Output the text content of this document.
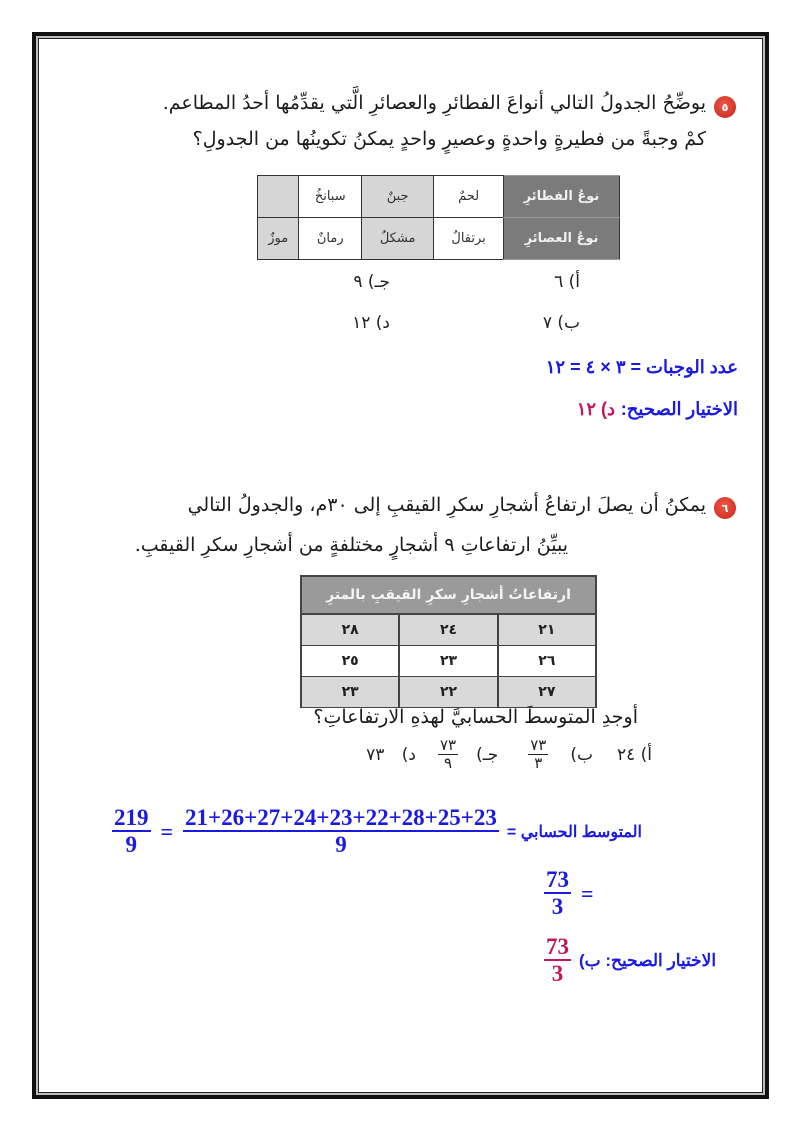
٥
يوضِّحُ الجدولُ التالي أنواعَ الفطائرِ والعصائرِ الَّتي يقدِّمُها أحدُ المطاعم.
كمْ وجبةً من فطيرةٍ واحدةٍ وعصيرٍ واحدٍ يمكنُ تكوينُها من الجدولِ؟
نوعُ الفطائرِ	لحمٌ	جبنٌ	سبانخُ	
نوعُ العصائرِ	برتقالٌ	مشكلٌ	رمانٌ	موزٌ
أ) ٦
ب) ٧
جـ) ٩
د) ١٢
عدد الوجبات = ٣ × ٤ = ١٢
الاختيار الصحيح: د) ١٢
٦
يمكنُ أن يصلَ ارتفاعُ أشجارِ سكرِ القيقبِ إلى ٣٠م، والجدولُ التالي
يبيِّنُ ارتفاعاتِ ٩ أشجارٍ مختلفةٍ من أشجارِ سكرِ القيقبِ.
ارتفاعاتُ أشجارِ سكرِ القيقبِ بالمترِ		
٢١	٢٤	٢٨
٢٦	٢٣	٢٥
٢٧	٢٢	٢٣
أوجدِ المتوسطَ الحسابيَّ لهذهِ الارتفاعاتِ؟
أ) ٢٤
ب)
$\frac{٧٣}{٣}$
جـ)
$\frac{٧٣}{٩}$
د) ٧٣
$\frac{219}{9} = \frac{21+26+27+24+23+22+28+25+23}{9}$ المتوسط الحسابي =
$\frac{73}{3}$ =
$\frac{73}{3}$ الاختيار الصحيح: ب)
